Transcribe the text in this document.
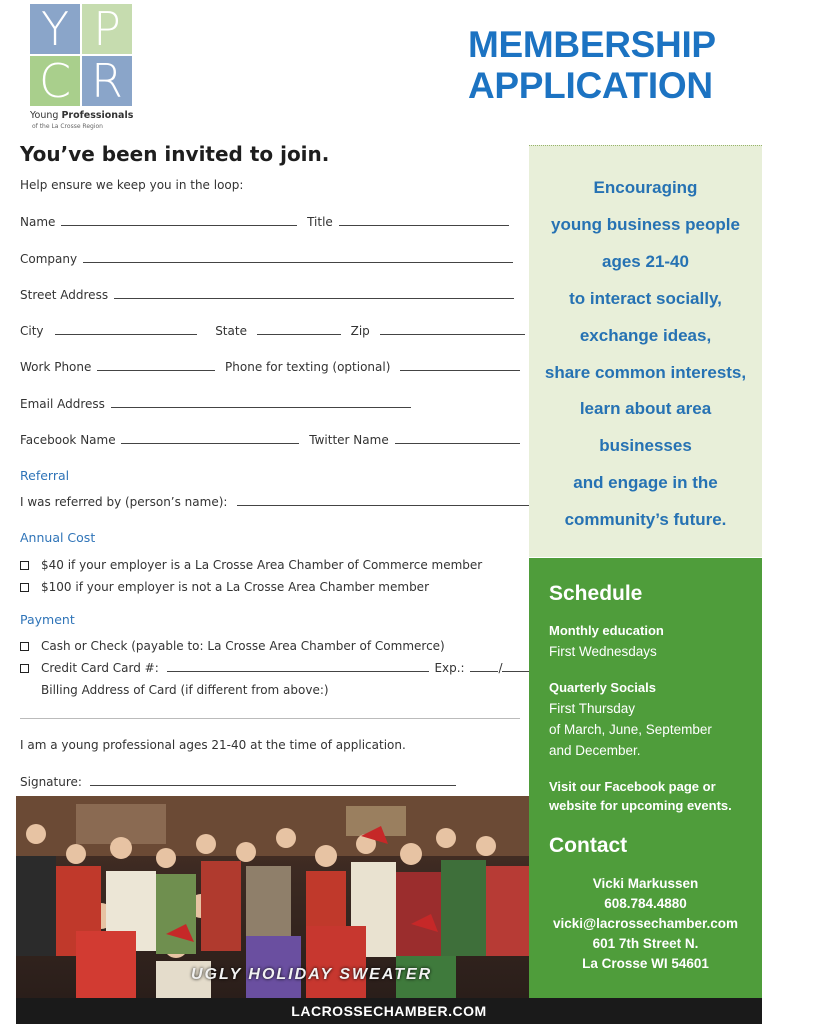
Y P
C R
Young Professionals
of the La Crosse Region
MEMBERSHIP
APPLICATION
You’ve been invited to join.
Help ensure we keep you in the loop:
Name	Title
Company
Street Address
City	State	Zip
Work Phone	Phone for texting (optional)
Email Address
Facebook Name	Twitter Name
Referral
I was referred by (person’s name):
Annual Cost
$40 if your employer is a La Crosse Area Chamber of Commerce member
$100 if your employer is not a La Crosse Area Chamber member
Payment
Cash or Check (payable to: La Crosse Area Chamber of Commerce)
Credit Card Card #:	Exp.:	/
Billing Address of Card (if different from above:)
I am a young professional ages 21-40 at the time of application.
Signature:
Encouraging
young business people
ages 21-40
to interact socially,
exchange ideas,
share common interests,
learn about area
businesses
and engage in the
community’s future.
Schedule
Monthly education
First Wednesdays
Quarterly Socials
First Thursday
of March, June, September
and December.
Visit our Facebook page or
website for upcoming events.
Contact
Vicki Markussen
608.784.4880
vicki@lacrossechamber.com
601 7th Street N.
La Crosse WI 54601
UGLY HOLIDAY SWEATER
LACROSSECHAMBER.COM
